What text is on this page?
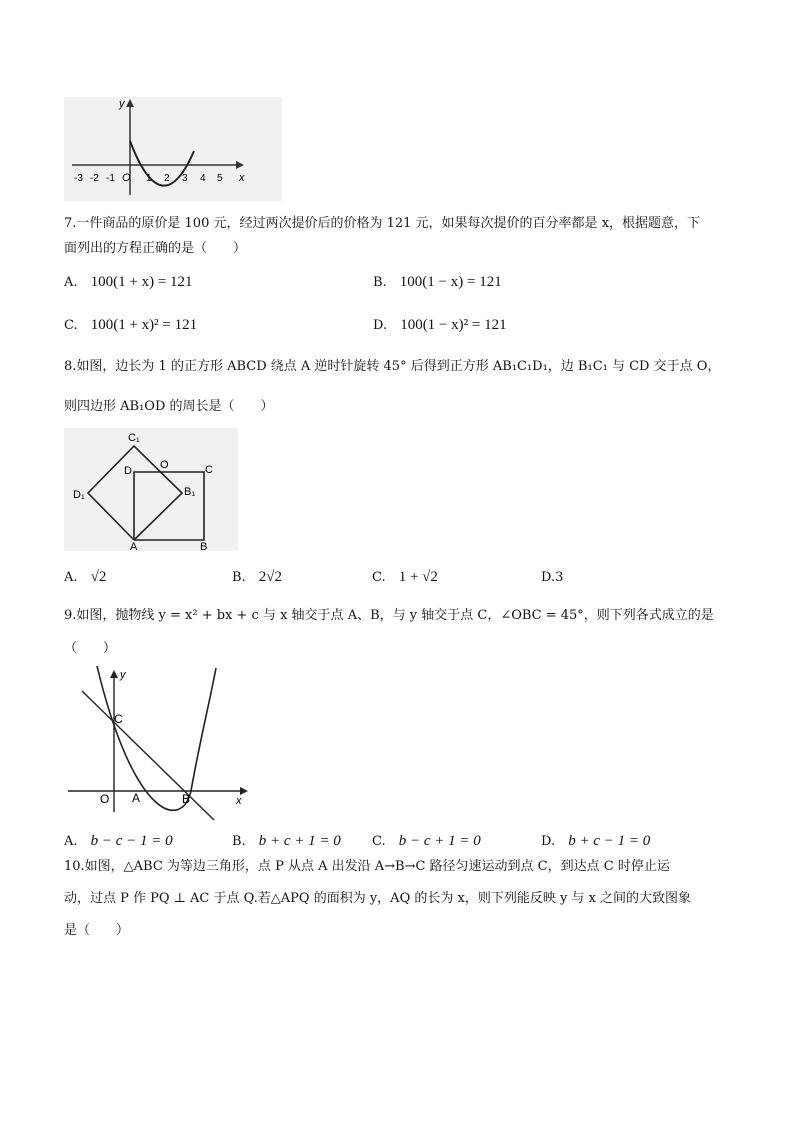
y
x
O
-3 -2 -1	1 2 3 4 5
7.一件商品的原价是 100 元，经过两次提价后的价格为 121 元，如果每次提价的百分率都是 x，根据题意，下
面列出的方程正确的是（　　）
A. 100(1 + x) = 121	B. 100(1 − x) = 121
C. 100(1 + x)² = 121	D. 100(1 − x)² = 121
8.如图，边长为 1 的正方形 ABCD 绕点 A 逆时针旋转 45° 后得到正方形 AB₁C₁D₁，边 B₁C₁ 与 CD 交于点 O，
则四边形 AB₁OD 的周长是（　　）
C₁
D	O	C
D₁	B₁
A	B
A. √2	B. 2√2	C. 1 + √2	D.3
9.如图，抛物线 y = x² + bx + c 与 x 轴交于点 A、B，与 y 轴交于点 C，∠OBC = 45°，则下列各式成立的是
（　　）
y
C
O A	B	x
A. b − c − 1 = 0	B. b + c + 1 = 0 C. b − c + 1 = 0	D. b + c − 1 = 0
10.如图，△ABC 为等边三角形，点 P 从点 A 出发沿 A→B→C 路径匀速运动到点 C，到达点 C 时停止运
动，过点 P 作 PQ ⊥ AC 于点 Q.若△APQ 的面积为 y，AQ 的长为 x，则下列能反映 y 与 x 之间的大致图象
是（　　）
